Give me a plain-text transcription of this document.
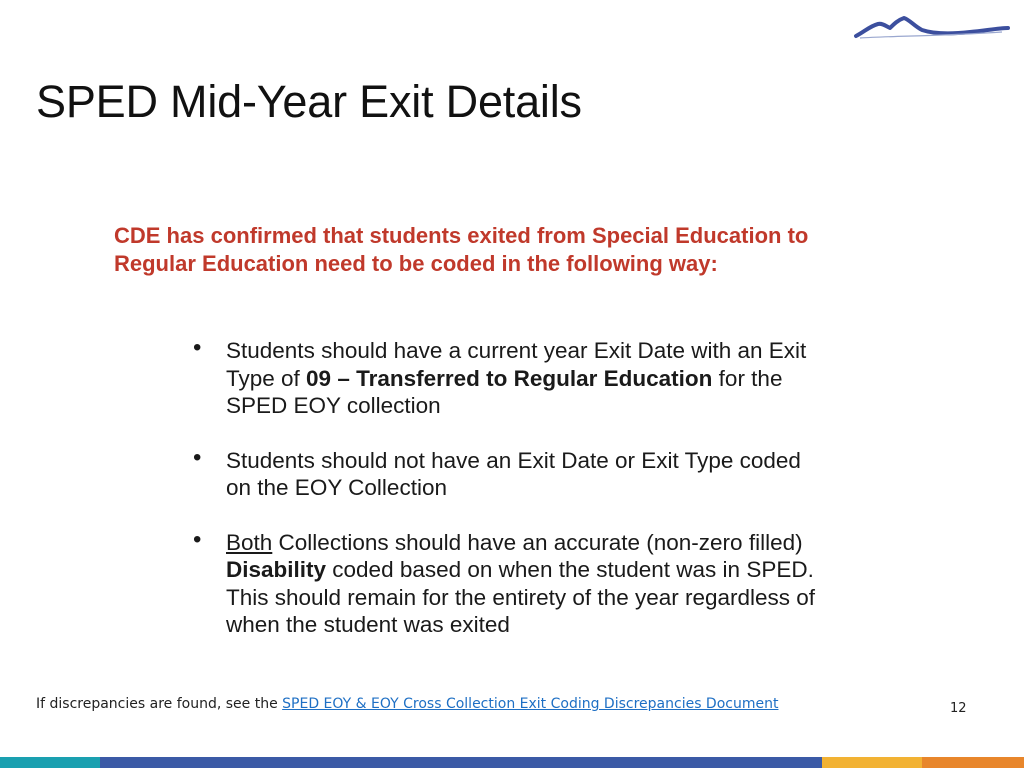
SPED Mid-Year Exit Details

CDE has confirmed that students exited from Special Education to Regular Education need to be coded in the following way:

• Students should have a current year Exit Date with an Exit Type of 09 – Transferred to Regular Education for the SPED EOY collection
• Students should not have an Exit Date or Exit Type coded on the EOY Collection
• Both Collections should have an accurate (non-zero filled) Disability coded based on when the student was in SPED. This should remain for the entirety of the year regardless of when the student was exited
If discrepancies are found, see the SPED EOY & EOY Cross Collection Exit Coding Discrepancies Document	12
